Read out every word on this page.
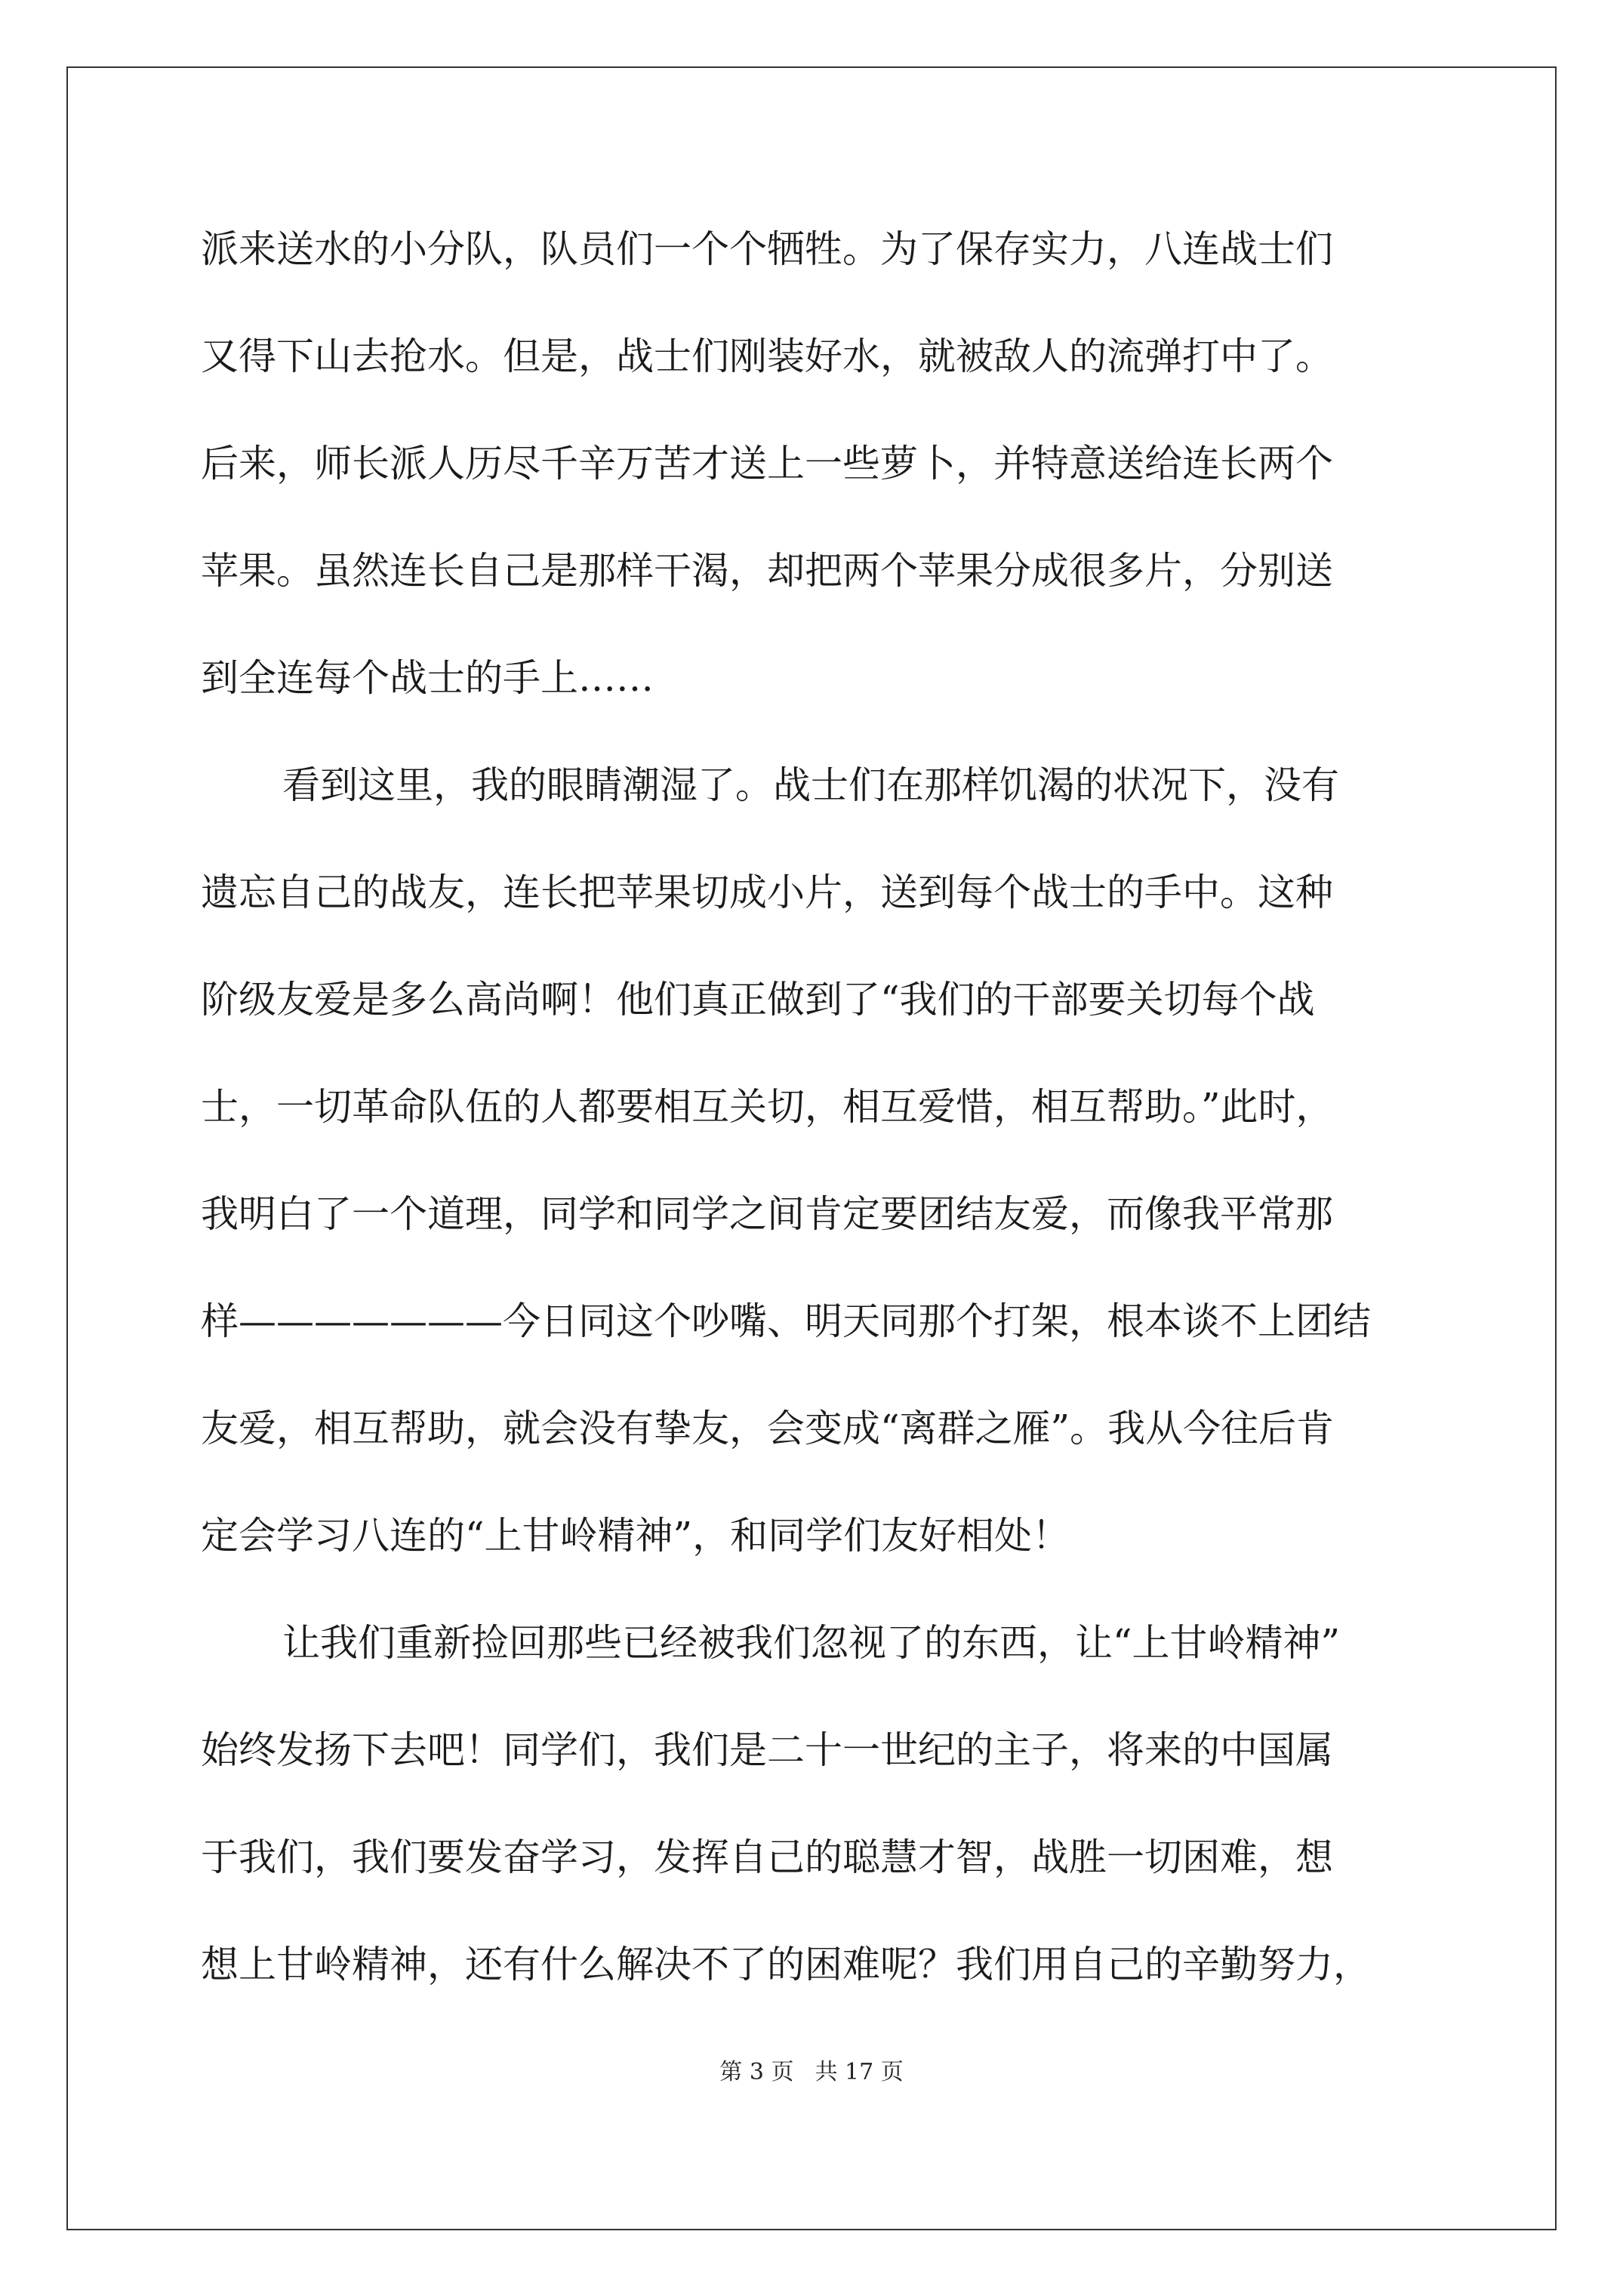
派来送水的小分队，队员们一个个牺牲。为了保存实力，八连战士们
又得下山去抢水。但是，战士们刚装好水，就被敌人的流弹打中了。
后来，师长派人历尽千辛万苦才送上一些萝卜，并特意送给连长两个
苹果。虽然连长自己是那样干渴，却把两个苹果分成很多片，分别送
到全连每个战士的手上……
看到这里，我的眼睛潮湿了。战士们在那样饥渴的状况下，没有
遗忘自己的战友，连长把苹果切成小片，送到每个战士的手中。这种
阶级友爱是多么高尚啊！他们真正做到了“我们的干部要关切每个战
士，一切革命队伍的人都要相互关切，相互爱惜，相互帮助。”此时，
我明白了一个道理，同学和同学之间肯定要团结友爱，而像我平常那
样———————今日同这个吵嘴、明天同那个打架，根本谈不上团结
友爱，相互帮助，就会没有挚友，会变成“离群之雁”。我从今往后肯
定会学习八连的“上甘岭精神”，和同学们友好相处！
让我们重新捡回那些已经被我们忽视了的东西，让“上甘岭精神”
始终发扬下去吧！同学们，我们是二十一世纪的主子，将来的中国属
于我们，我们要发奋学习，发挥自己的聪慧才智，战胜一切困难，想
想上甘岭精神，还有什么解决不了的困难呢？我们用自己的辛勤努力，
第 3 页 共 17 页
